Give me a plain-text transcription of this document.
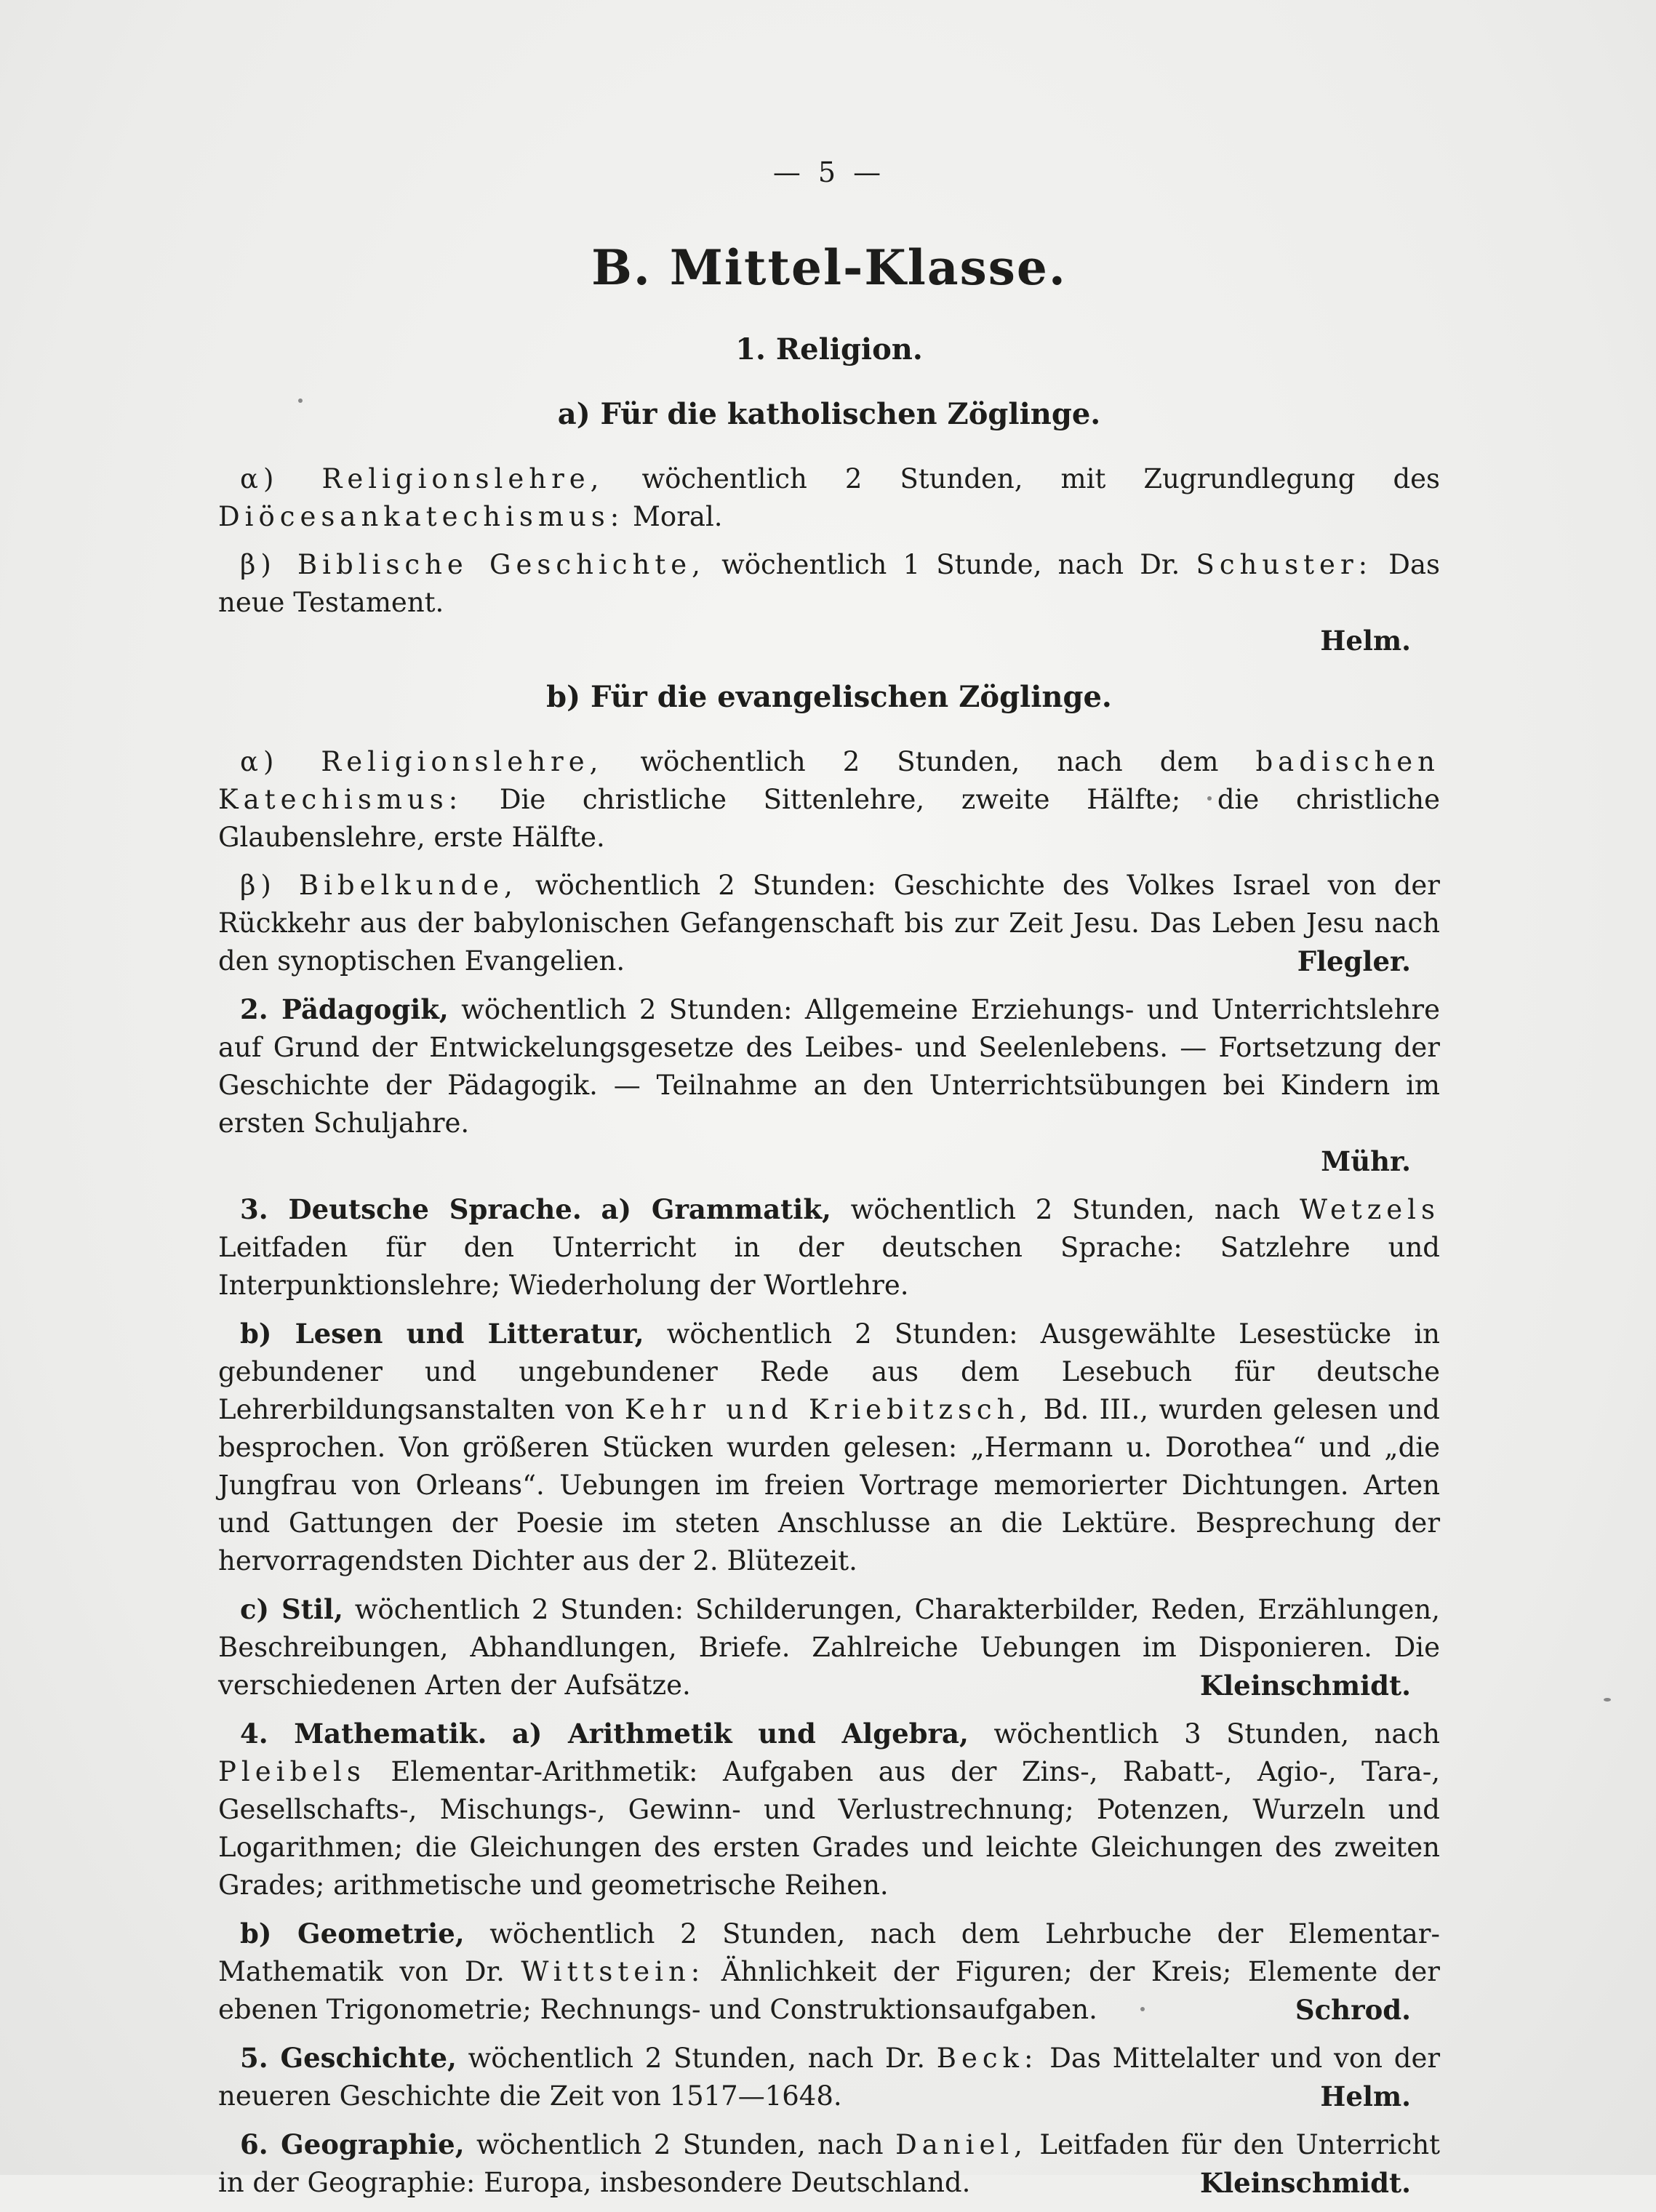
— 5 —
B. Mittel-Klasse.
1. Religion.
a) Für die katholischen Zöglinge.

α) Religionslehre, wöchentlich 2 Stunden, mit Zugrundlegung des Diöcesankatechismus: Moral.

β) Biblische Geschichte, wöchentlich 1 Stunde, nach Dr. Schuster: Das neue Testament.
Helm.

b) Für die evangelischen Zöglinge.

α) Religionslehre, wöchentlich 2 Stunden, nach dem badischen Katechismus: Die christliche Sittenlehre, zweite Hälfte; die christliche Glaubenslehre, erste Hälfte.

β) Bibelkunde, wöchentlich 2 Stunden: Geschichte des Volkes Israel von der Rückkehr aus der babylonischen Gefangenschaft bis zur Zeit Jesu. Das Leben Jesu nach den synoptischen Evangelien.	Flegler.

2. Pädagogik, wöchentlich 2 Stunden: Allgemeine Erziehungs- und Unterrichtslehre auf Grund der Entwickelungsgesetze des Leibes- und Seelenlebens. — Fortsetzung der Geschichte der Pädagogik. — Teilnahme an den Unterrichtsübungen bei Kindern im ersten Schuljahre.
Mühr.

3. Deutsche Sprache. a) Grammatik, wöchentlich 2 Stunden, nach Wetzels Leitfaden für den Unterricht in der deutschen Sprache: Satzlehre und Interpunktionslehre; Wiederholung der Wortlehre.

b) Lesen und Litteratur, wöchentlich 2 Stunden: Ausgewählte Lesestücke in gebundener und ungebundener Rede aus dem Lesebuch für deutsche Lehrerbildungsanstalten von Kehr und Kriebitzsch, Bd. III., wurden gelesen und besprochen. Von größeren Stücken wurden gelesen: „Hermann u. Dorothea“ und „die Jungfrau von Orleans“. Uebungen im freien Vortrage memorierter Dichtungen. Arten und Gattungen der Poesie im steten Anschlusse an die Lektüre. Besprechung der hervorragendsten Dichter aus der 2. Blütezeit.

c) Stil, wöchentlich 2 Stunden: Schilderungen, Charakterbilder, Reden, Erzählungen, Beschreibungen, Abhandlungen, Briefe. Zahlreiche Uebungen im Disponieren. Die verschiedenen Arten der Aufsätze.	Kleinschmidt.

4. Mathematik. a) Arithmetik und Algebra, wöchentlich 3 Stunden, nach Pleibels Elementar-Arithmetik: Aufgaben aus der Zins-, Rabatt-, Agio-, Tara-, Gesellschafts-, Mischungs-, Gewinn- und Verlustrechnung; Potenzen, Wurzeln und Logarithmen; die Gleichungen des ersten Grades und leichte Gleichungen des zweiten Grades; arithmetische und geometrische Reihen.

b) Geometrie, wöchentlich 2 Stunden, nach dem Lehrbuche der Elementar-Mathematik von Dr. Wittstein: Ähnlichkeit der Figuren; der Kreis; Elemente der ebenen Trigonometrie; Rechnungs- und Construktionsaufgaben.	Schrod.

5. Geschichte, wöchentlich 2 Stunden, nach Dr. Beck: Das Mittelalter und von der neueren Geschichte die Zeit von 1517—1648.	Helm.

6. Geographie, wöchentlich 2 Stunden, nach Daniel, Leitfaden für den Unterricht in der Geographie: Europa, insbesondere Deutschland.	Kleinschmidt.
